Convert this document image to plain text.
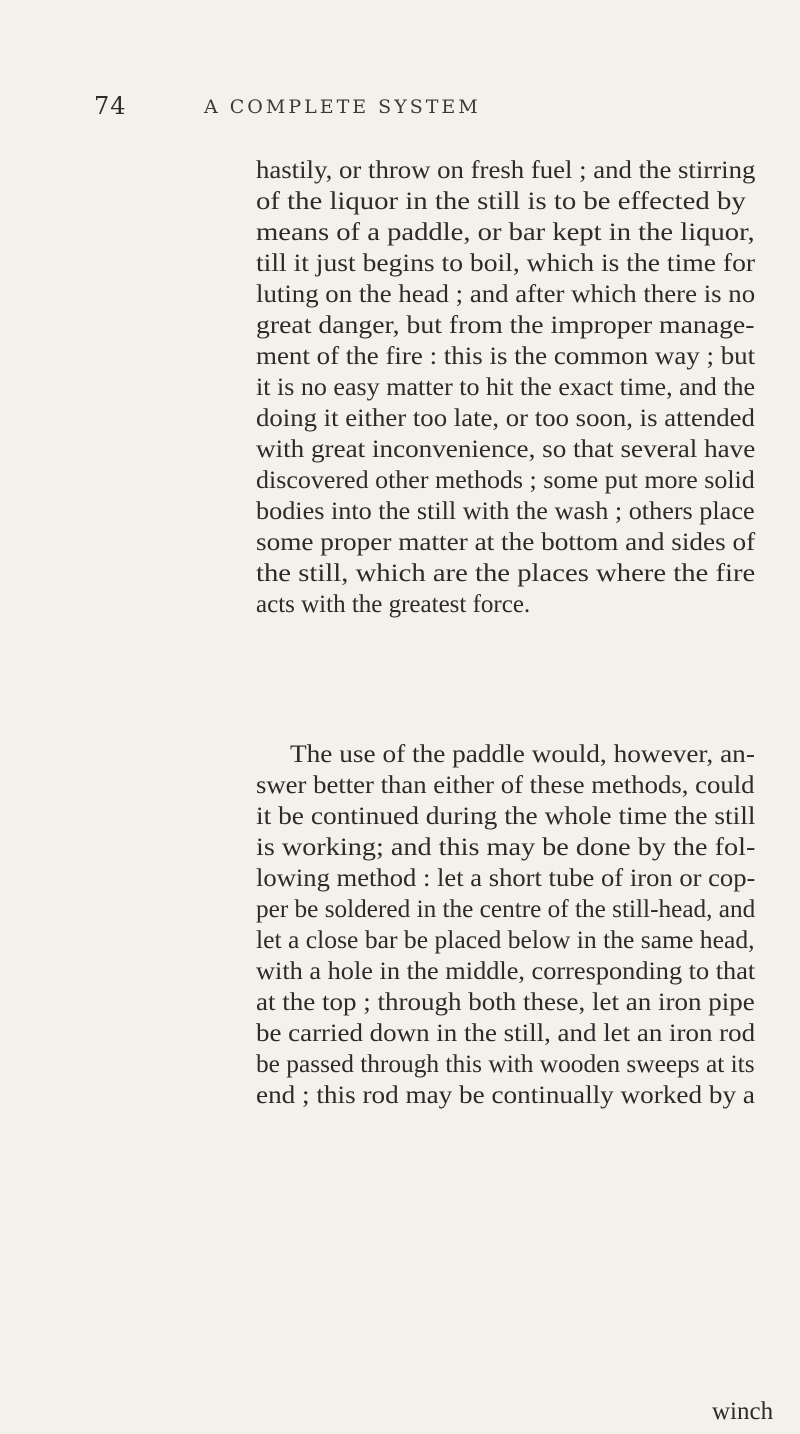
74	A COMPLETE SYSTEM
hastily, or throw on fresh fuel ; and the stirring
of the liquor in the still is to be effected by
means of a paddle, or bar kept in the liquor,
till it just begins to boil, which is the time for
luting on the head ; and after which there is no
great danger, but from the improper manage-
ment of the fire : this is the common way ; but
it is no easy matter to hit the exact time, and the
doing it either too late, or too soon, is attended
with great inconvenience, so that several have
discovered other methods ; some put more solid
bodies into the still with the wash ; others place
some proper matter at the bottom and sides of
the still, which are the places where the fire
acts with the greatest force.
The use of the paddle would, however, an-
swer better than either of these methods, could
it be continued during the whole time the still
is working; and this may be done by the fol-
lowing method : let a short tube of iron or cop-
per be soldered in the centre of the still-head, and
let a close bar be placed below in the same head,
with a hole in the middle, corresponding to that
at the top ; through both these, let an iron pipe
be carried down in the still, and let an iron rod
be passed through this with wooden sweeps at its
end ; this rod may be continually worked by a
winch
